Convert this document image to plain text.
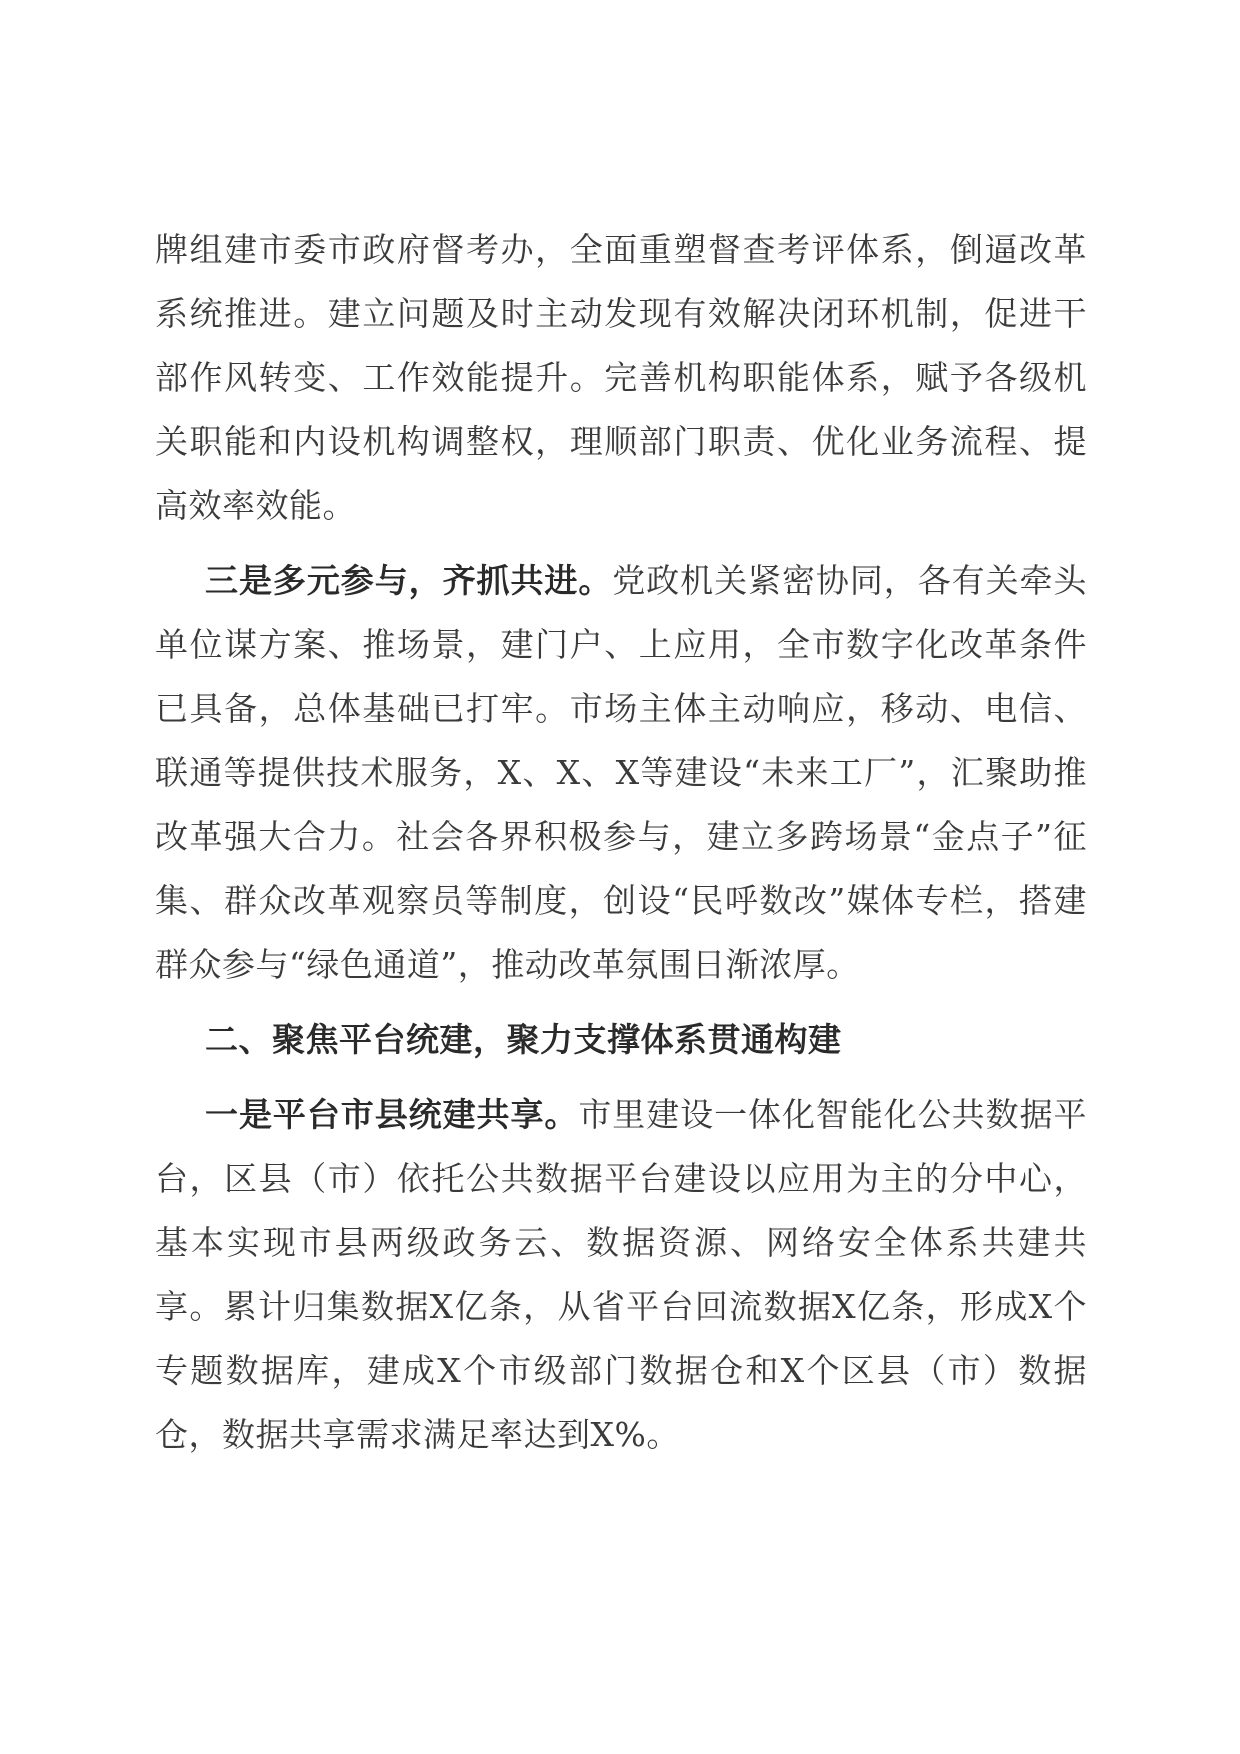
牌组建市委市政府督考办，全面重塑督查考评体系，倒逼改革系统推进。建立问题及时主动发现有效解决闭环机制，促进干部作风转变、工作效能提升。完善机构职能体系，赋予各级机关职能和内设机构调整权，理顺部门职责、优化业务流程、提高效率效能。

三是多元参与，齐抓共进。党政机关紧密协同，各有关牵头单位谋方案、推场景，建门户、上应用，全市数字化改革条件已具备，总体基础已打牢。市场主体主动响应，移动、电信、联通等提供技术服务，X、X、X等建设“未来工厂”，汇聚助推改革强大合力。社会各界积极参与，建立多跨场景“金点子”征集、群众改革观察员等制度，创设“民呼数改”媒体专栏，搭建群众参与“绿色通道”，推动改革氛围日渐浓厚。

二、聚焦平台统建，聚力支撑体系贯通构建

一是平台市县统建共享。市里建设一体化智能化公共数据平台，区县（市）依托公共数据平台建设以应用为主的分中心，基本实现市县两级政务云、数据资源、网络安全体系共建共享。累计归集数据X亿条，从省平台回流数据X亿条，形成X个专题数据库，建成X个市级部门数据仓和X个区县（市）数据仓，数据共享需求满足率达到X%。
